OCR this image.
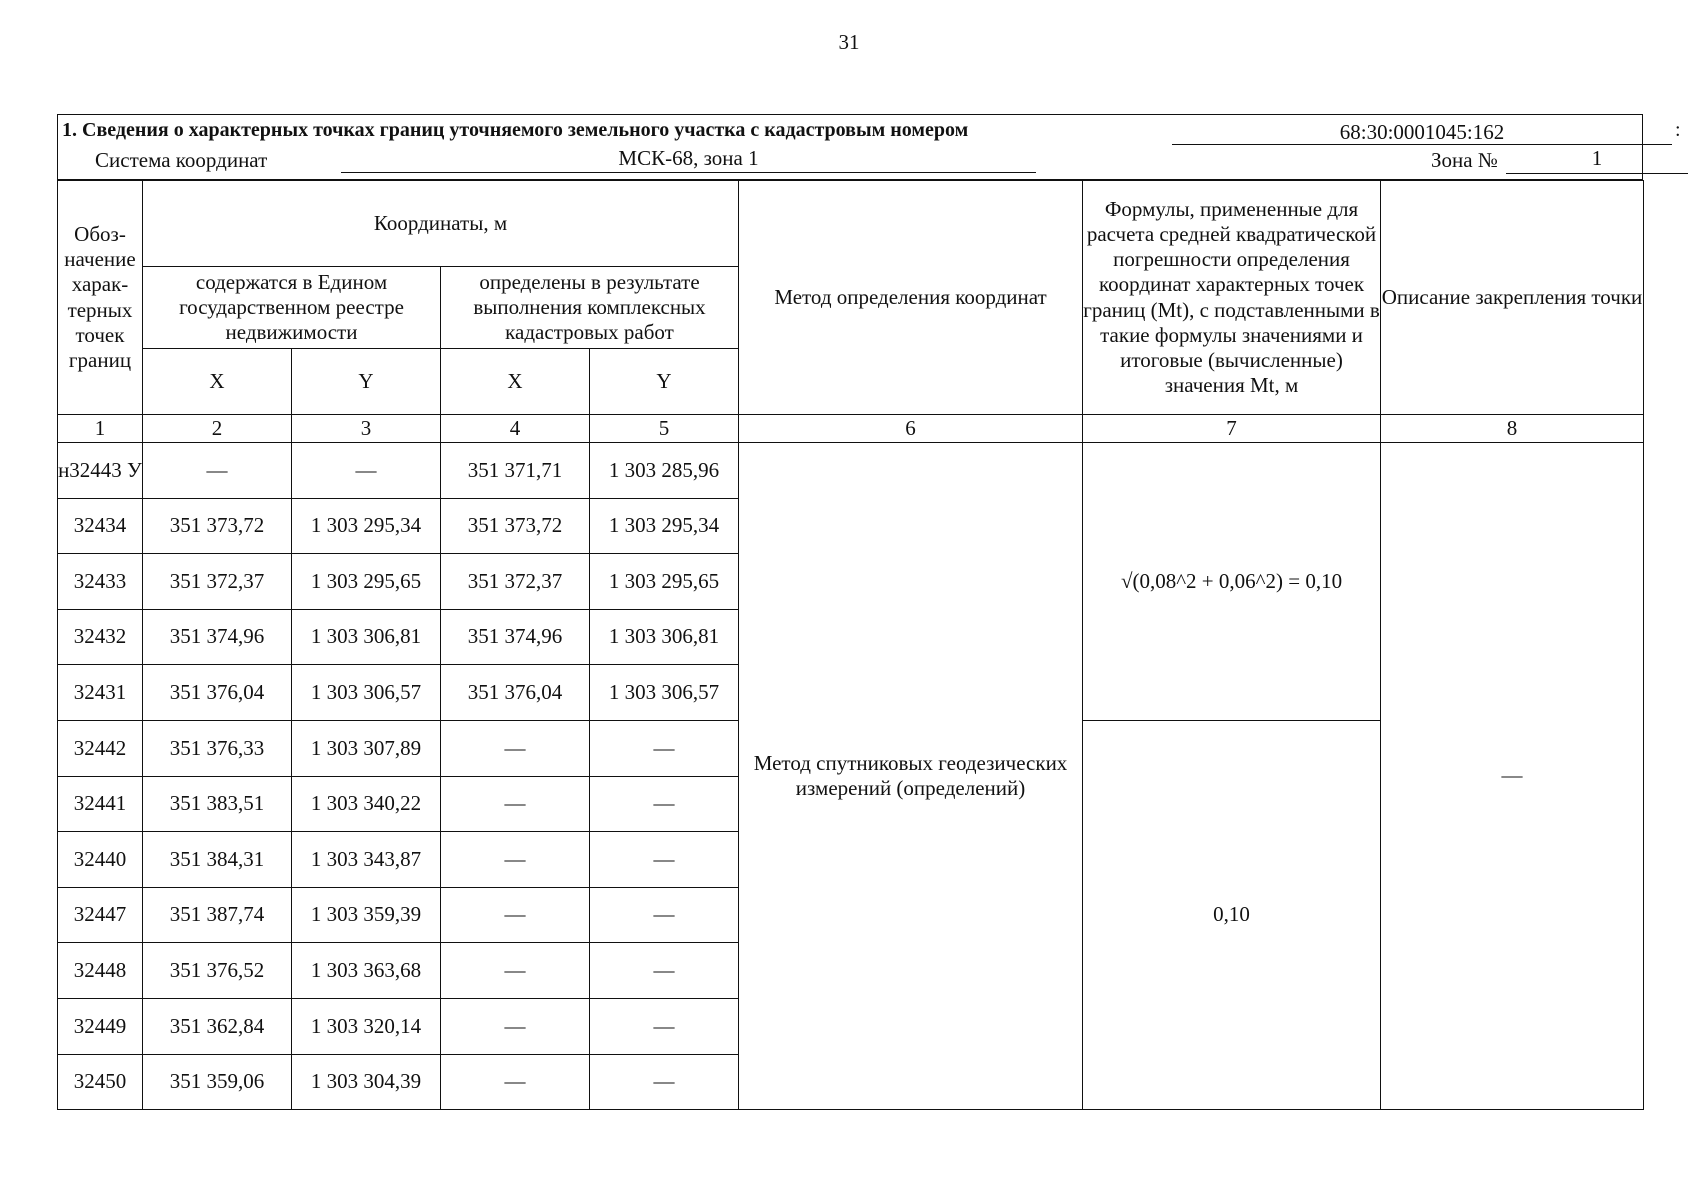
31
1. Сведения о характерных точках границ уточняемого земельного участка с кадастровым номером	68:30:0001045:162	:
Система координат	МСК-68, зона 1	Зона №	1
Обоз-начение харак-терных точек границ	Координаты, м				Метод определения координат	Формулы, примененные для расчета средней квадратической погрешности определения координат характерных точек границ (Mt), с подставленными в такие формулы значениями и итоговые (вычисленные) значения Mt, м	Описание закрепления точки
	содержатся в Едином государственном реестре недвижимости		определены в результате выполнения комплексных кадастровых работ				
	X	Y	X	Y			
1	2	3	4	5	6	7	8
н32443 У	—	—	351 371,71	1 303 285,96	Метод спутниковых геодезических измерений (определений)	√(0,08^2 + 0,06^2) = 0,10	—
32434	351 373,72	1 303 295,34	351 373,72	1 303 295,34			
32433	351 372,37	1 303 295,65	351 372,37	1 303 295,65			
32432	351 374,96	1 303 306,81	351 374,96	1 303 306,81			
32431	351 376,04	1 303 306,57	351 376,04	1 303 306,57			
32442	351 376,33	1 303 307,89	—	—		0,10	
32441	351 383,51	1 303 340,22	—	—			
32440	351 384,31	1 303 343,87	—	—			
32447	351 387,74	1 303 359,39	—	—			
32448	351 376,52	1 303 363,68	—	—			
32449	351 362,84	1 303 320,14	—	—			
32450	351 359,06	1 303 304,39	—	—			
